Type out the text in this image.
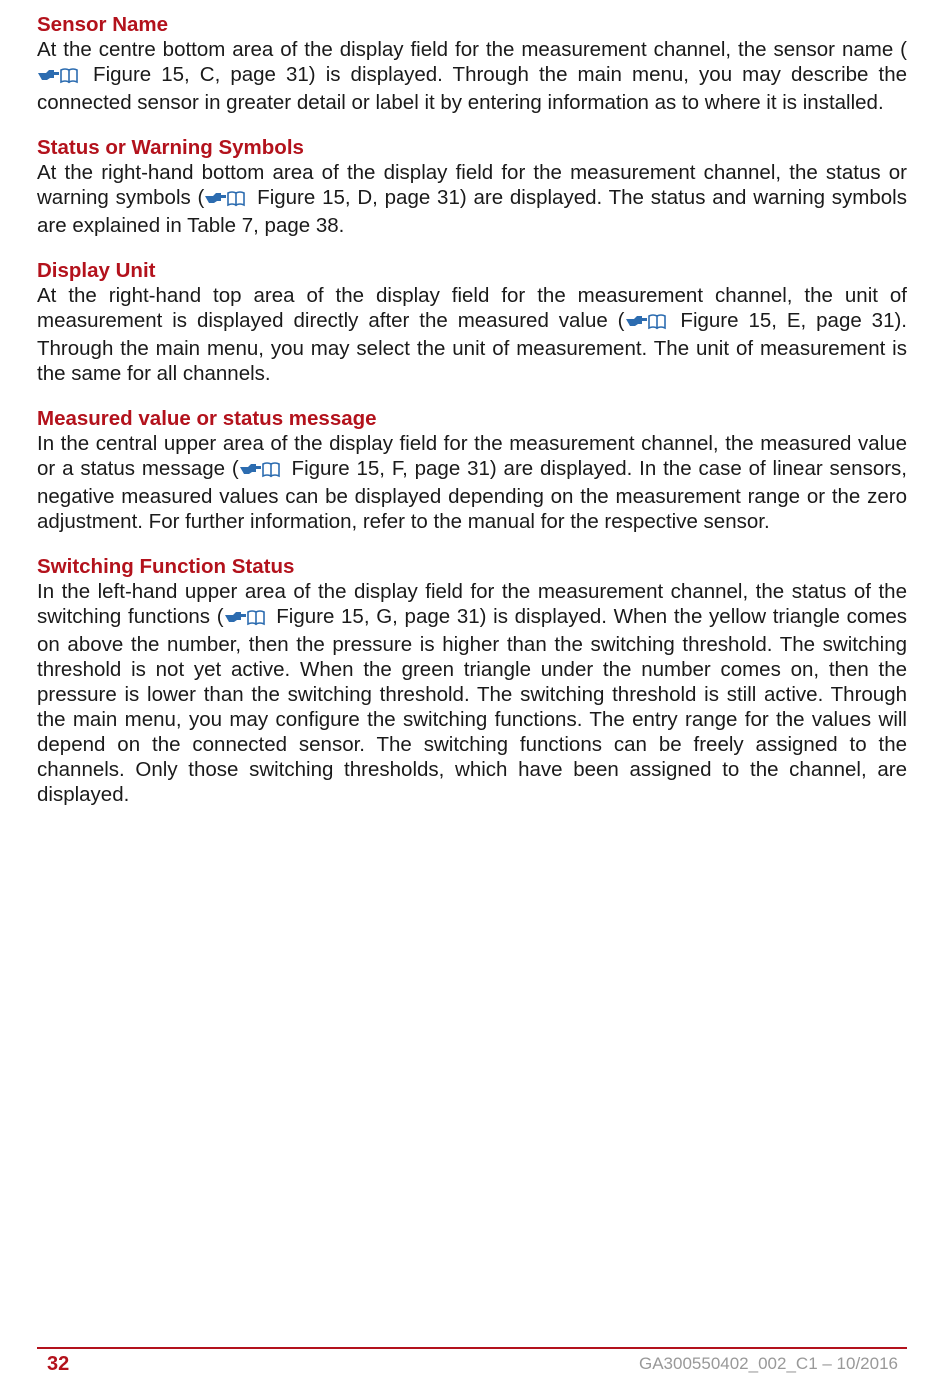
Sensor Name

At the centre bottom area of the display field for the measurement channel, the sensor name ( Figure 15, C, page 31) is displayed. Through the main menu, you may describe the connected sensor in greater detail or label it by entering information as to where it is installed.

Status or Warning Symbols

At the right-hand bottom area of the display field for the measurement channel, the status or warning symbols ( Figure 15, D, page 31) are displayed. The status and warning symbols are explained in Table 7, page 38.

Display Unit

At the right-hand top area of the display field for the measurement channel, the unit of measurement is displayed directly after the measured value ( Figure 15, E, page 31). Through the main menu, you may select the unit of measurement. The unit of measurement is the same for all channels.

Measured value or status message

In the central upper area of the display field for the measurement channel, the measured value or a status message ( Figure 15, F, page 31) are displayed. In the case of linear sensors, negative measured values can be displayed depending on the measurement range or the zero adjustment. For further information, refer to the manual for the respective sensor.

Switching Function Status

In the left-hand upper area of the display field for the measurement channel, the status of the switching functions ( Figure 15, G, page 31) is displayed. When the yellow triangle comes on above the number, then the pressure is higher than the switching threshold. The switching threshold is not yet active. When the green triangle under the number comes on, then the pressure is lower than the switching threshold. The switching threshold is still active. Through the main menu, you may configure the switching functions. The entry range for the values will depend on the connected sensor. The switching functions can be freely assigned to the channels. Only those switching thresholds, which have been assigned to the channel, are displayed.

32	GA300550402_002_C1 – 10/2016
